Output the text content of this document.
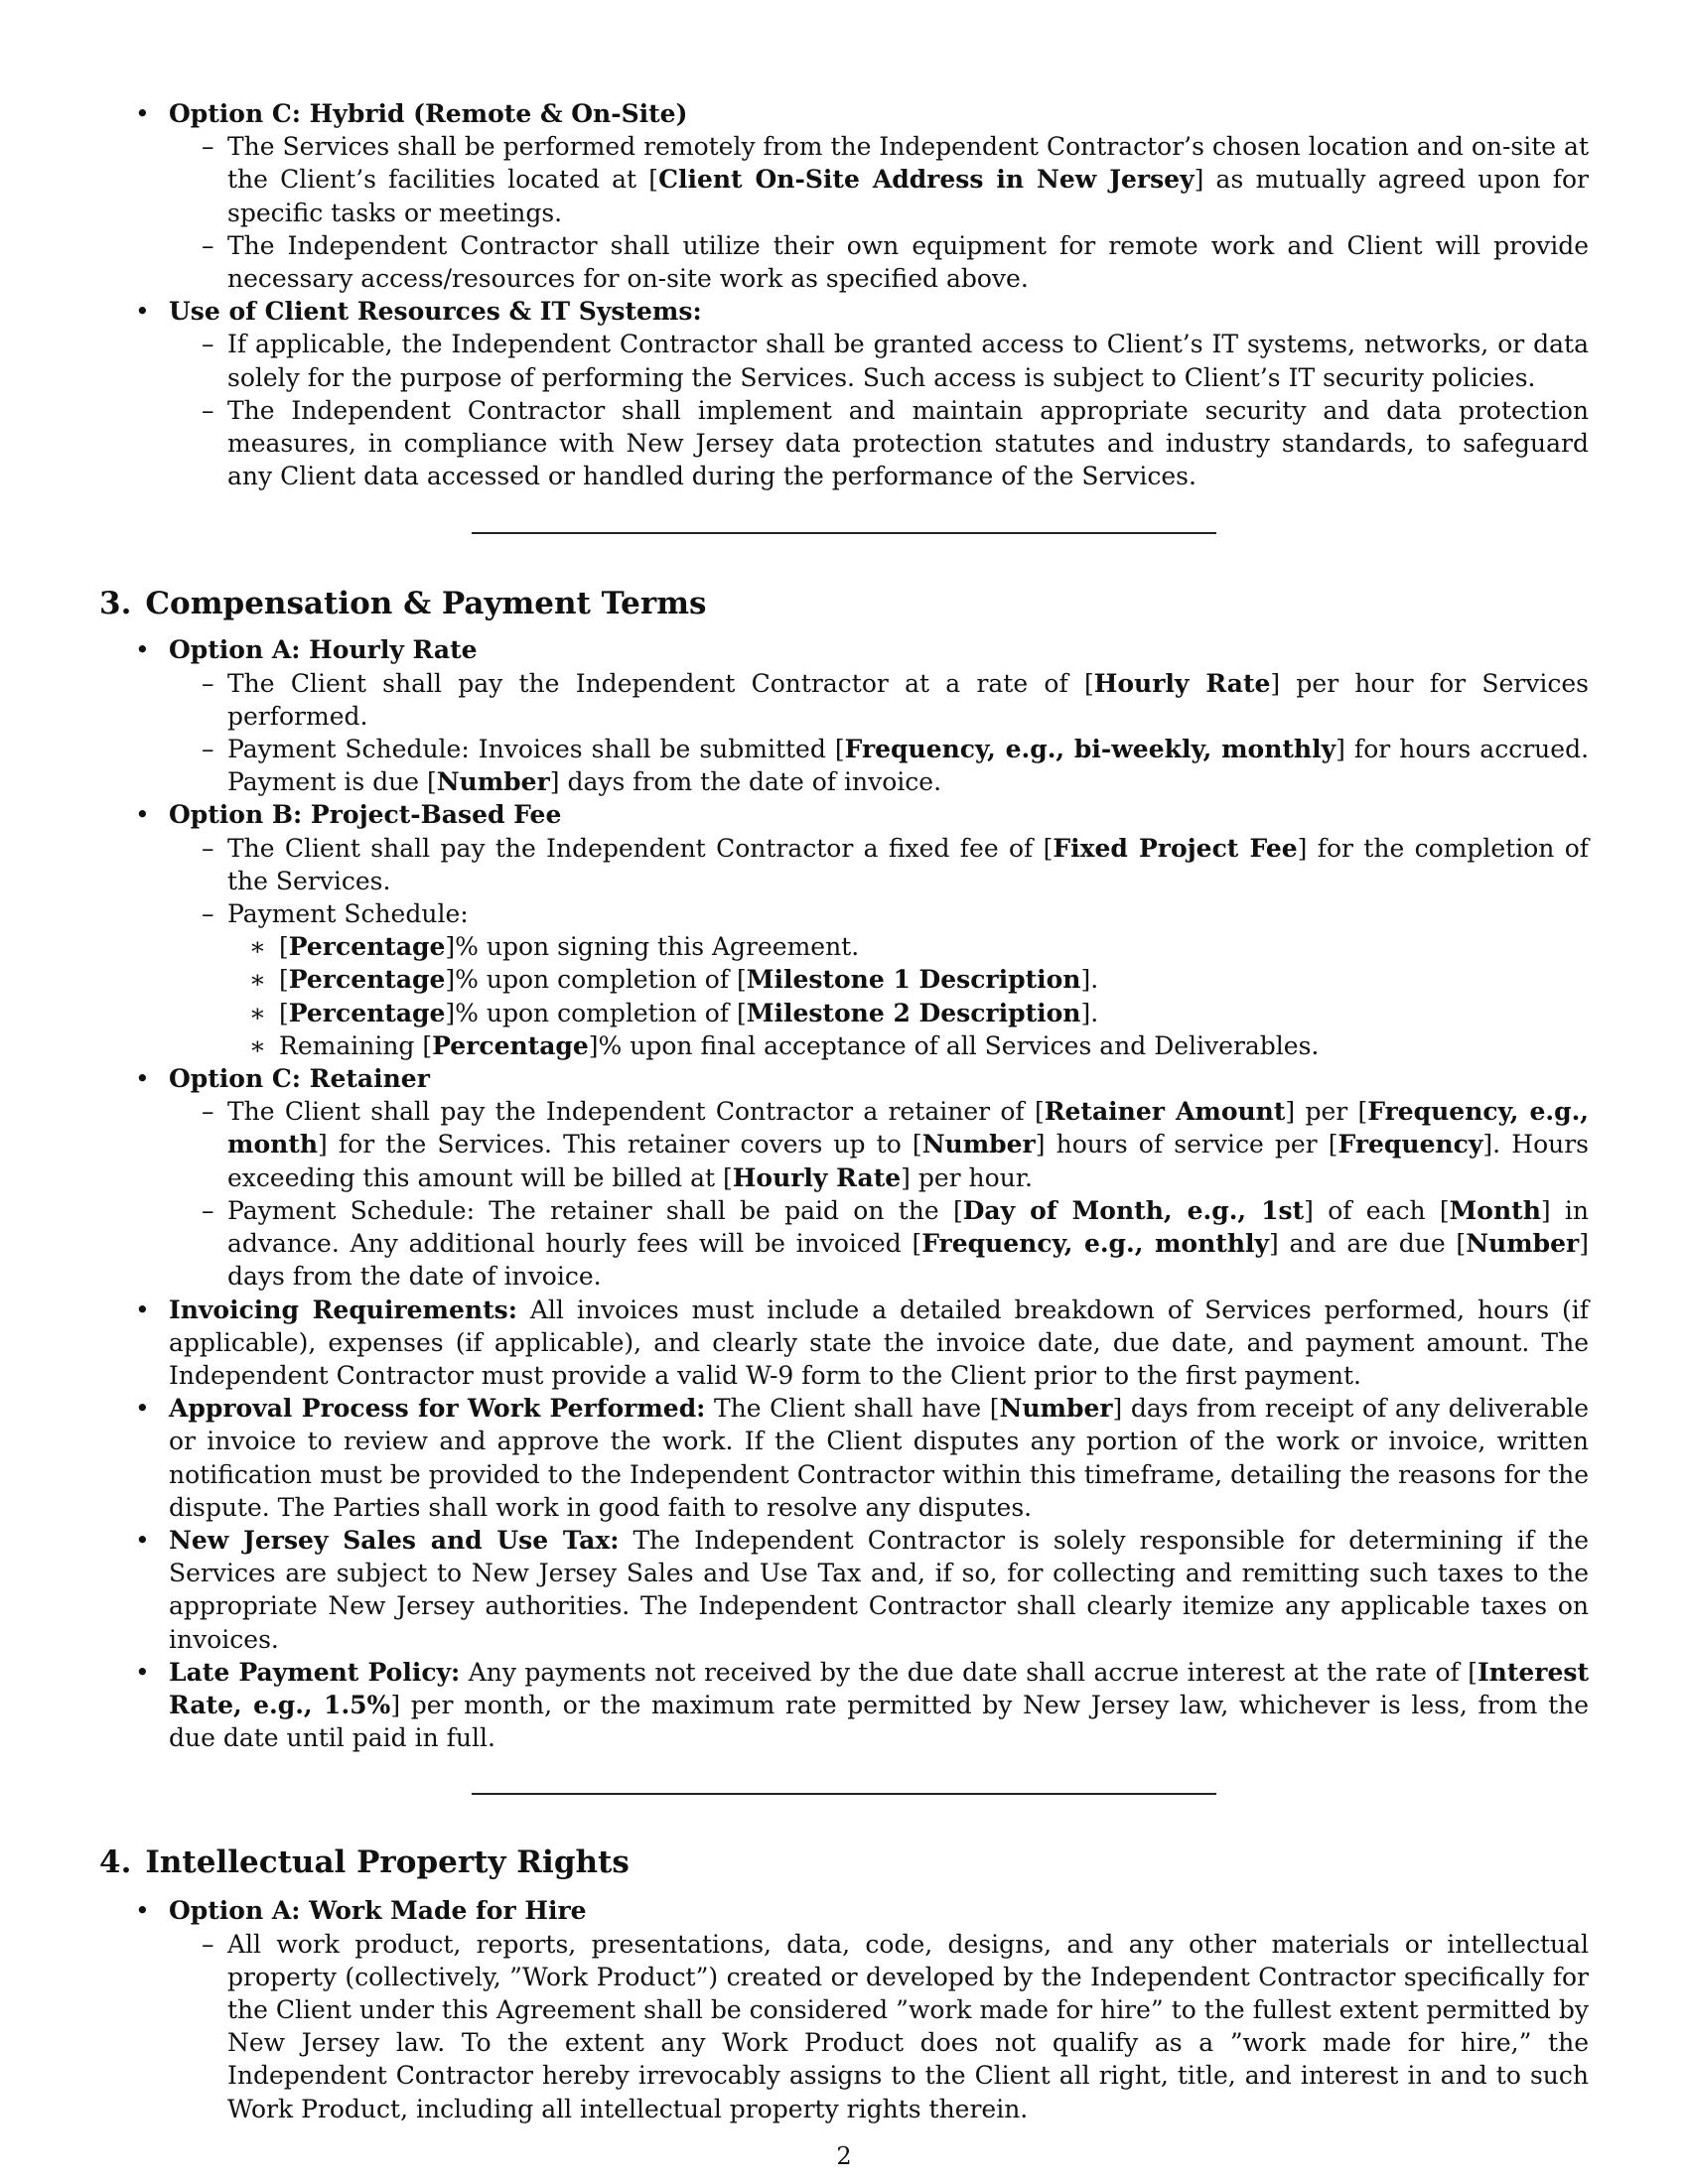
• Option C: Hybrid (Remote & On-Site)
– The Services shall be performed remotely from the Independent Contractor’s chosen location and on-site at the Client’s facilities located at [Client On-Site Address in New Jersey] as mutually agreed upon for specific tasks or meetings.
– The Independent Contractor shall utilize their own equipment for remote work and Client will provide necessary access/resources for on-site work as specified above.
• Use of Client Resources & IT Systems:
– If applicable, the Independent Contractor shall be granted access to Client’s IT systems, networks, or data solely for the purpose of performing the Services. Such access is subject to Client’s IT security policies.
– The Independent Contractor shall implement and maintain appropriate security and data protection measures, in compliance with New Jersey data protection statutes and industry standards, to safeguard any Client data accessed or handled during the performance of the Services.
3. Compensation & Payment Terms
• Option A: Hourly Rate
– The Client shall pay the Independent Contractor at a rate of [Hourly Rate] per hour for Services performed.
– Payment Schedule: Invoices shall be submitted [Frequency, e.g., bi-weekly, monthly] for hours accrued. Payment is due [Number] days from the date of invoice.
• Option B: Project-Based Fee
– The Client shall pay the Independent Contractor a fixed fee of [Fixed Project Fee] for the completion of the Services.
– Payment Schedule:
∗ [Percentage]% upon signing this Agreement.
∗ [Percentage]% upon completion of [Milestone 1 Description].
∗ [Percentage]% upon completion of [Milestone 2 Description].
∗ Remaining [Percentage]% upon final acceptance of all Services and Deliverables.
• Option C: Retainer
– The Client shall pay the Independent Contractor a retainer of [Retainer Amount] per [Frequency, e.g., month] for the Services. This retainer covers up to [Number] hours of service per [Frequency]. Hours exceeding this amount will be billed at [Hourly Rate] per hour.
– Payment Schedule: The retainer shall be paid on the [Day of Month, e.g., 1st] of each [Month] in advance. Any additional hourly fees will be invoiced [Frequency, e.g., monthly] and are due [Number] days from the date of invoice.
• Invoicing Requirements: All invoices must include a detailed breakdown of Services performed, hours (if applicable), expenses (if applicable), and clearly state the invoice date, due date, and payment amount. The Independent Contractor must provide a valid W-9 form to the Client prior to the first payment.
• Approval Process for Work Performed: The Client shall have [Number] days from receipt of any deliverable or invoice to review and approve the work. If the Client disputes any portion of the work or invoice, written notification must be provided to the Independent Contractor within this timeframe, detailing the reasons for the dispute. The Parties shall work in good faith to resolve any disputes.
• New Jersey Sales and Use Tax: The Independent Contractor is solely responsible for determining if the Services are subject to New Jersey Sales and Use Tax and, if so, for collecting and remitting such taxes to the appropriate New Jersey authorities. The Independent Contractor shall clearly itemize any applicable taxes on invoices.
• Late Payment Policy: Any payments not received by the due date shall accrue interest at the rate of [Interest Rate, e.g., 1.5%] per month, or the maximum rate permitted by New Jersey law, whichever is less, from the due date until paid in full.
4. Intellectual Property Rights
• Option A: Work Made for Hire
– All work product, reports, presentations, data, code, designs, and any other materials or intellectual property (collectively, ”Work Product”) created or developed by the Independent Contractor specifically for the Client under this Agreement shall be considered ”work made for hire” to the fullest extent permitted by New Jersey law. To the extent any Work Product does not qualify as a ”work made for hire,” the Independent Contractor hereby irrevocably assigns to the Client all right, title, and interest in and to such Work Product, including all intellectual property rights therein.
2
